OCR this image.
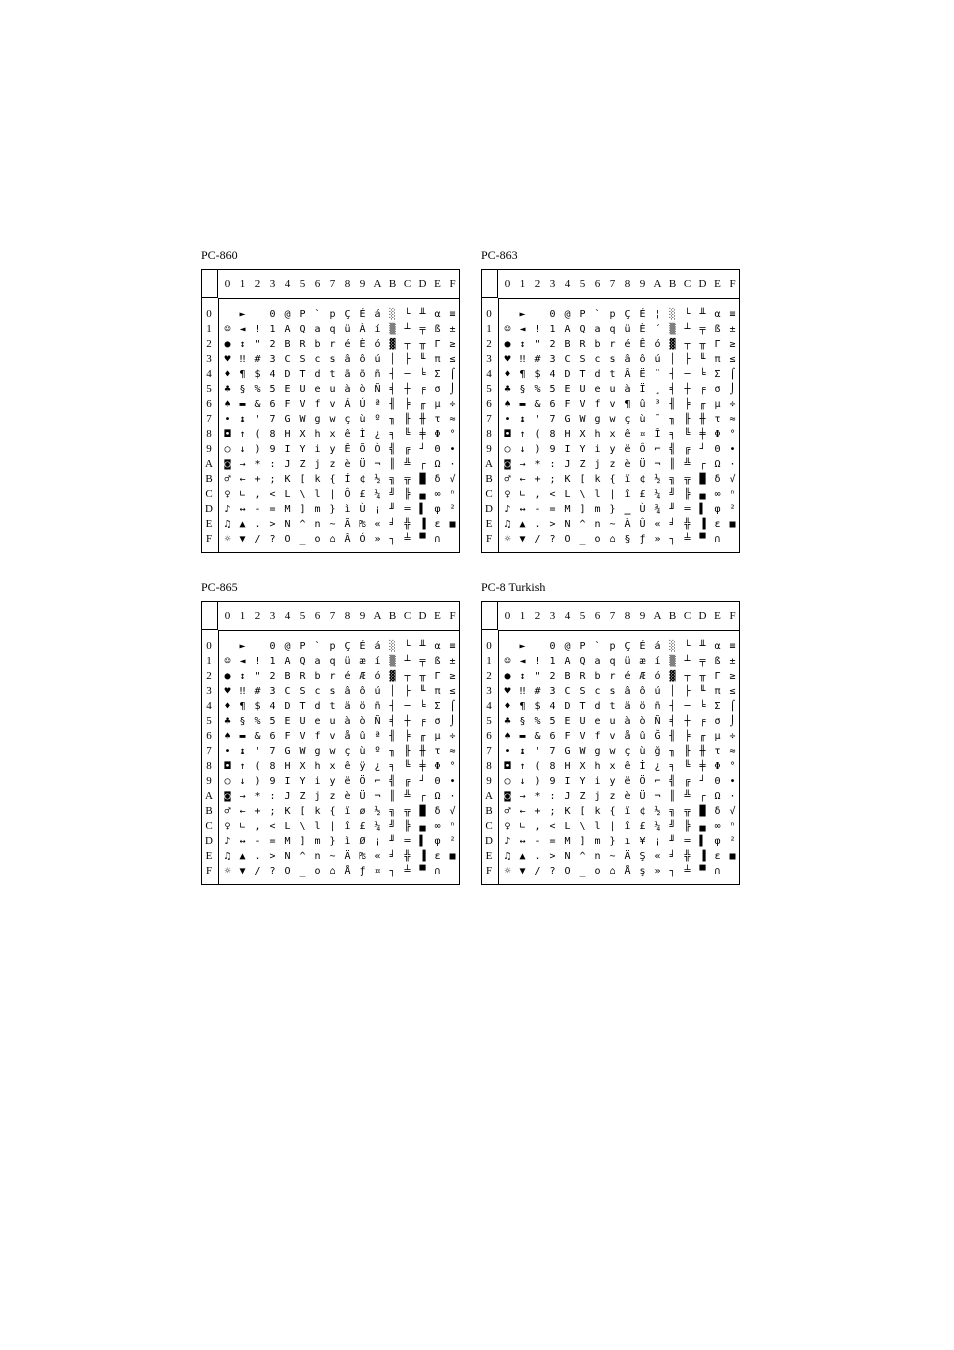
PC-860
0 1 2 3 4 5 6 7 8 9 A B C D E F
0
1
2
3
4
5
6
7
8
9
A
B
C
D
E
F
☺
●
♥
♦
♣
♠
•
◘
○
◙
♂
♀
♪
♫
☼
►
◄
↕
‼
¶
§
▬
↨
↑
↓
→
←
∟
↔
▲
▼
!
"
#
$
%
&
'
(
)
*
+
,
-
.
/
0
1
2
3
4
5
6
7
8
9
:
;
<
=
>
?
@
A
B
C
D
E
F
G
H
I
J
K
L
M
N
O
P
Q
R
S
T
U
V
W
X
Y
Z
[
\
]
^
_
`
a
b
c
d
e
f
g
h
i
j
k
l
m
n
o
p
q
r
s
t
u
v
w
x
y
z
{
|
}
~
⌂
Ç
ü
é
â
ã
à
Á
ç
ê
Ê
è
Í
Ô
ì
Ã
Â
É
À
È
ô
õ
ò
Ú
ù
Ì
Õ
Ü
¢
£
Ù
₧
Ó
á
í
ó
ú
ñ
Ñ
ª
º
¿
Ò
¬
½
¼
¡
«
»
░
▒
▓
│
┤
╡
╢
╖
╕
╣
║
╗
╝
╜
╛
┐
└
┴
┬
├
─
┼
╞
╟
╚
╔
╩
╦
╠
═
╬
╧
╨
╤
╥
╙
╘
╒
╓
╫
╪
┘
┌
█
▄
▌
▐
▀
α
ß
Γ
π
Σ
σ
µ
τ
Φ
Θ
Ω
δ
∞
φ
ε
∩
≡
±
≥
≤
⌠
⌡
÷
≈
°
∙
·
√
ⁿ
²
■
PC-863
0 1 2 3 4 5 6 7 8 9 A B C D E F
0
1
2
3
4
5
6
7
8
9
A
B
C
D
E
F
☺
●
♥
♦
♣
♠
•
◘
○
◙
♂
♀
♪
♫
☼
►
◄
↕
‼
¶
§
▬
↨
↑
↓
→
←
∟
↔
▲
▼
!
"
#
$
%
&
'
(
)
*
+
,
-
.
/
0
1
2
3
4
5
6
7
8
9
:
;
<
=
>
?
@
A
B
C
D
E
F
G
H
I
J
K
L
M
N
O
P
Q
R
S
T
U
V
W
X
Y
Z
[
\
]
^
_
`
a
b
c
d
e
f
g
h
i
j
k
l
m
n
o
p
q
r
s
t
u
v
w
x
y
z
{
|
}
~
⌂
Ç
ü
é
â
Â
à
¶
ç
ê
ë
è
ï
î
‗
À
§
É
È
Ê
ô
Ë
Ï
û
ù
¤
Ô
Ü
¢
£
Ù
Û
ƒ
¦
´
ó
ú
¨
¸
³
¯
Î
⌐
¬
½
¼
¾
«
»
░
▒
▓
│
┤
╡
╢
╖
╕
╣
║
╗
╝
╜
╛
┐
└
┴
┬
├
─
┼
╞
╟
╚
╔
╩
╦
╠
═
╬
╧
╨
╤
╥
╙
╘
╒
╓
╫
╪
┘
┌
█
▄
▌
▐
▀
α
ß
Γ
π
Σ
σ
µ
τ
Φ
Θ
Ω
δ
∞
φ
ε
∩
≡
±
≥
≤
⌠
⌡
÷
≈
°
∙
·
√
ⁿ
²
■
PC-865
0 1 2 3 4 5 6 7 8 9 A B C D E F
0
1
2
3
4
5
6
7
8
9
A
B
C
D
E
F
☺
●
♥
♦
♣
♠
•
◘
○
◙
♂
♀
♪
♫
☼
►
◄
↕
‼
¶
§
▬
↨
↑
↓
→
←
∟
↔
▲
▼
!
"
#
$
%
&
'
(
)
*
+
,
-
.
/
0
1
2
3
4
5
6
7
8
9
:
;
<
=
>
?
@
A
B
C
D
E
F
G
H
I
J
K
L
M
N
O
P
Q
R
S
T
U
V
W
X
Y
Z
[
\
]
^
_
`
a
b
c
d
e
f
g
h
i
j
k
l
m
n
o
p
q
r
s
t
u
v
w
x
y
z
{
|
}
~
⌂
Ç
ü
é
â
ä
à
å
ç
ê
ë
è
ï
î
ì
Ä
Å
É
æ
Æ
ô
ö
ò
û
ù
ÿ
Ö
Ü
ø
£
Ø
₧
ƒ
á
í
ó
ú
ñ
Ñ
ª
º
¿
⌐
¬
½
¼
¡
«
¤
░
▒
▓
│
┤
╡
╢
╖
╕
╣
║
╗
╝
╜
╛
┐
└
┴
┬
├
─
┼
╞
╟
╚
╔
╩
╦
╠
═
╬
╧
╨
╤
╥
╙
╘
╒
╓
╫
╪
┘
┌
█
▄
▌
▐
▀
α
ß
Γ
π
Σ
σ
µ
τ
Φ
Θ
Ω
δ
∞
φ
ε
∩
≡
±
≥
≤
⌠
⌡
÷
≈
°
∙
·
√
ⁿ
²
■
PC-8 Turkish
0 1 2 3 4 5 6 7 8 9 A B C D E F
0
1
2
3
4
5
6
7
8
9
A
B
C
D
E
F
☺
●
♥
♦
♣
♠
•
◘
○
◙
♂
♀
♪
♫
☼
►
◄
↕
‼
¶
§
▬
↨
↑
↓
→
←
∟
↔
▲
▼
!
"
#
$
%
&
'
(
)
*
+
,
-
.
/
0
1
2
3
4
5
6
7
8
9
:
;
<
=
>
?
@
A
B
C
D
E
F
G
H
I
J
K
L
M
N
O
P
Q
R
S
T
U
V
W
X
Y
Z
[
\
]
^
_
`
a
b
c
d
e
f
g
h
i
j
k
l
m
n
o
p
q
r
s
t
u
v
w
x
y
z
{
|
}
~
⌂
Ç
ü
é
â
ä
à
å
ç
ê
ë
è
ï
î
ı
Ä
Å
É
æ
Æ
ô
ö
ò
û
ù
İ
Ö
Ü
¢
£
¥
Ş
ş
á
í
ó
ú
ñ
Ñ
Ğ
ğ
¿
⌐
¬
½
¼
¡
«
»
░
▒
▓
│
┤
╡
╢
╖
╕
╣
║
╗
╝
╜
╛
┐
└
┴
┬
├
─
┼
╞
╟
╚
╔
╩
╦
╠
═
╬
╧
╨
╤
╥
╙
╘
╒
╓
╫
╪
┘
┌
█
▄
▌
▐
▀
α
ß
Γ
π
Σ
σ
µ
τ
Φ
Θ
Ω
δ
∞
φ
ε
∩
≡
±
≥
≤
⌠
⌡
÷
≈
°
∙
·
√
ⁿ
²
■
